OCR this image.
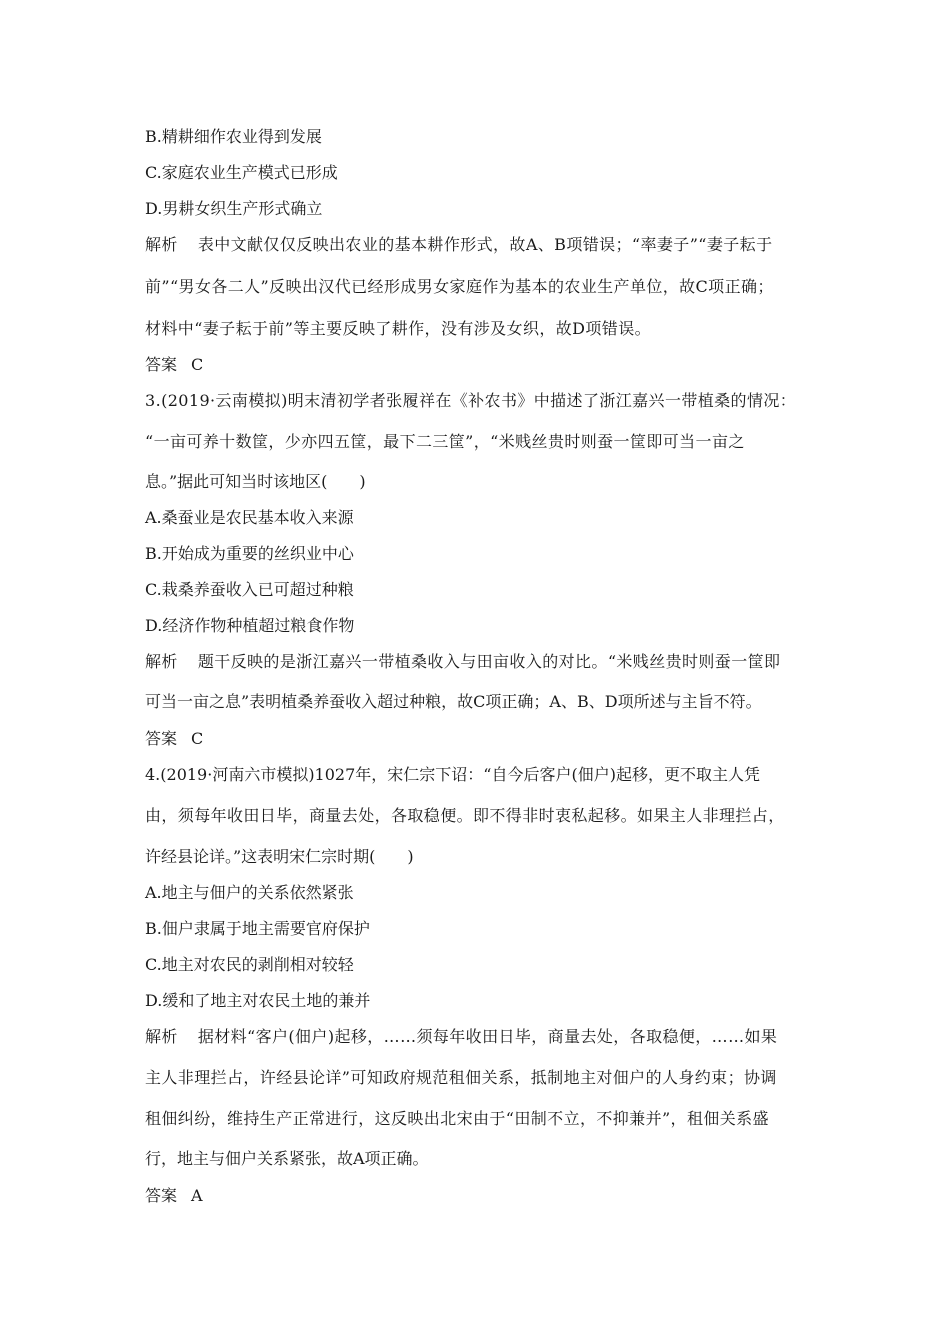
B.精耕细作农业得到发展
C.家庭农业生产模式已形成
D.男耕女织生产形式确立
解析 表中文献仅仅反映出农业的基本耕作形式，故A、B项错误；“率妻子”“妻子耘于
前”“男女各二人”反映出汉代已经形成男女家庭作为基本的农业生产单位，故C项正确；
材料中“妻子耘于前”等主要反映了耕作，没有涉及女织，故D项错误。
答案 C
3.(2019·云南模拟)明末清初学者张履祥在《补农书》中描述了浙江嘉兴一带植桑的情况：
“一亩可养十数筐，少亦四五筐，最下二三筐”，“米贱丝贵时则蚕一筐即可当一亩之
息。”据此可知当时该地区(　　)
A.桑蚕业是农民基本收入来源
B.开始成为重要的丝织业中心
C.栽桑养蚕收入已可超过种粮
D.经济作物种植超过粮食作物
解析 题干反映的是浙江嘉兴一带植桑收入与田亩收入的对比。“米贱丝贵时则蚕一筐即
可当一亩之息”表明植桑养蚕收入超过种粮，故C项正确；A、B、D项所述与主旨不符。
答案 C
4.(2019·河南六市模拟)1027年，宋仁宗下诏：“自今后客户(佃户)起移，更不取主人凭
由，须每年收田日毕，商量去处，各取稳便。即不得非时衷私起移。如果主人非理拦占，
许经县论详。”这表明宋仁宗时期(　　)
A.地主与佃户的关系依然紧张
B.佃户隶属于地主需要官府保护
C.地主对农民的剥削相对较轻
D.缓和了地主对农民土地的兼并
解析 据材料“客户(佃户)起移，……须每年收田日毕，商量去处，各取稳便，……如果
主人非理拦占，许经县论详”可知政府规范租佃关系，抵制地主对佃户的人身约束；协调
租佃纠纷，维持生产正常进行，这反映出北宋由于“田制不立，不抑兼并”，租佃关系盛
行，地主与佃户关系紧张，故A项正确。
答案 A
